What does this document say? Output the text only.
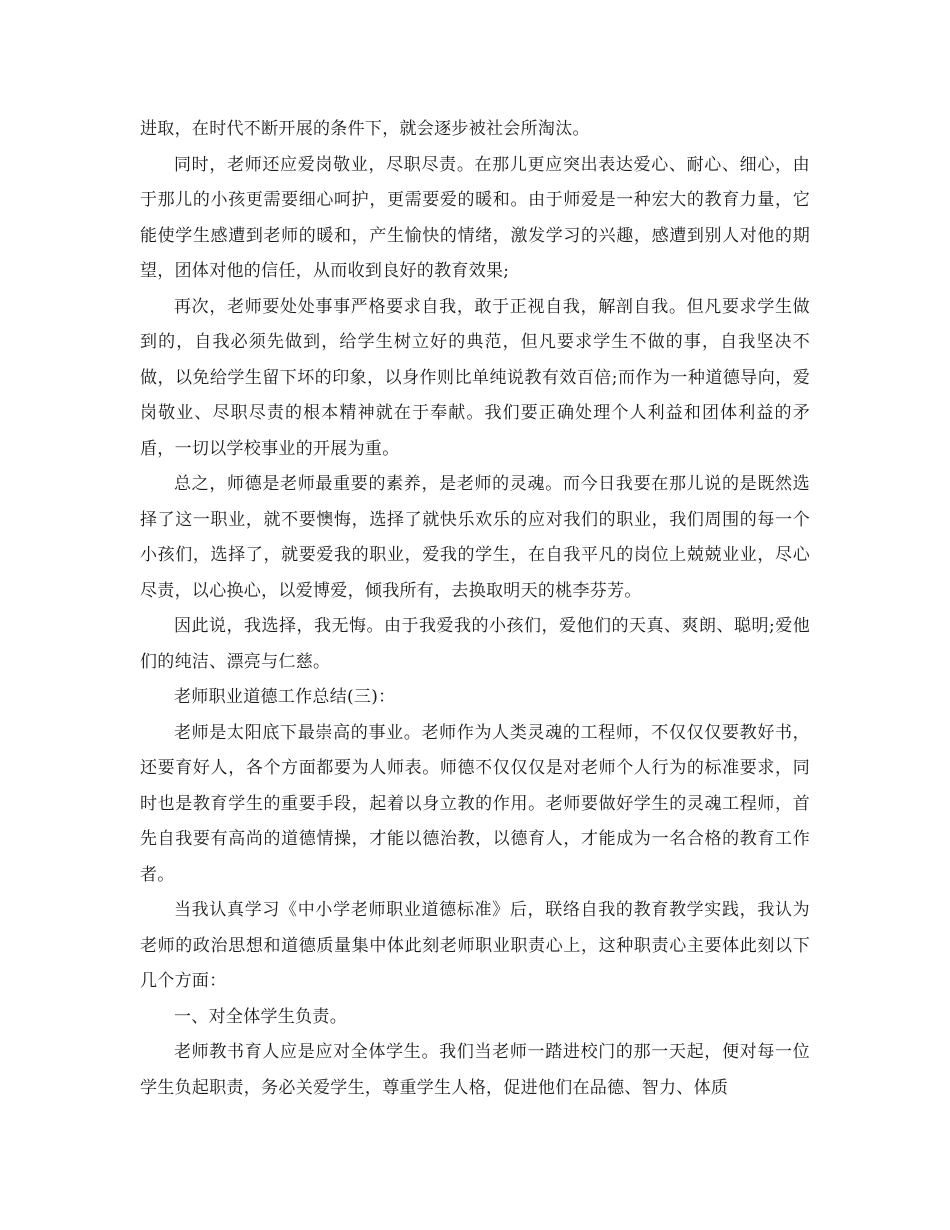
进取，在时代不断开展的条件下，就会逐步被社会所淘汰。

同时，老师还应爱岗敬业，尽职尽责。在那儿更应突出表达爱心、耐心、细心，由于那儿的小孩更需要细心呵护，更需要爱的暖和。由于师爱是一种宏大的教育力量，它能使学生感遭到老师的暖和，产生愉快的情绪，激发学习的兴趣，感遭到别人对他的期望，团体对他的信任，从而收到良好的教育效果;

再次，老师要处处事事严格要求自我，敢于正视自我，解剖自我。但凡要求学生做到的，自我必须先做到，给学生树立好的典范，但凡要求学生不做的事，自我坚决不做，以免给学生留下坏的印象，以身作则比单纯说教有效百倍;而作为一种道德导向，爱岗敬业、尽职尽责的根本精神就在于奉献。我们要正确处理个人利益和团体利益的矛盾，一切以学校事业的开展为重。

总之，师德是老师最重要的素养，是老师的灵魂。而今日我要在那儿说的是既然选择了这一职业，就不要懊悔，选择了就快乐欢乐的应对我们的职业，我们周围的每一个小孩们，选择了，就要爱我的职业，爱我的学生，在自我平凡的岗位上兢兢业业，尽心尽责，以心换心，以爱博爱，倾我所有，去换取明天的桃李芬芳。

因此说，我选择，我无悔。由于我爱我的小孩们，爱他们的天真、爽朗、聪明;爱他们的纯洁、漂亮与仁慈。

老师职业道德工作总结(三)：

老师是太阳底下最崇高的事业。老师作为人类灵魂的工程师，不仅仅仅要教好书，还要育好人，各个方面都要为人师表。师德不仅仅仅是对老师个人行为的标准要求，同时也是教育学生的重要手段，起着以身立教的作用。老师要做好学生的灵魂工程师，首先自我要有高尚的道德情操，才能以德治教，以德育人，才能成为一名合格的教育工作者。

当我认真学习《中小学老师职业道德标准》后，联络自我的教育教学实践，我认为老师的政治思想和道德质量集中体此刻老师职业职责心上，这种职责心主要体此刻以下几个方面：

一、对全体学生负责。

老师教书育人应是应对全体学生。我们当老师一踏进校门的那一天起，便对每一位学生负起职责，务必关爱学生，尊重学生人格，促进他们在品德、智力、体质
